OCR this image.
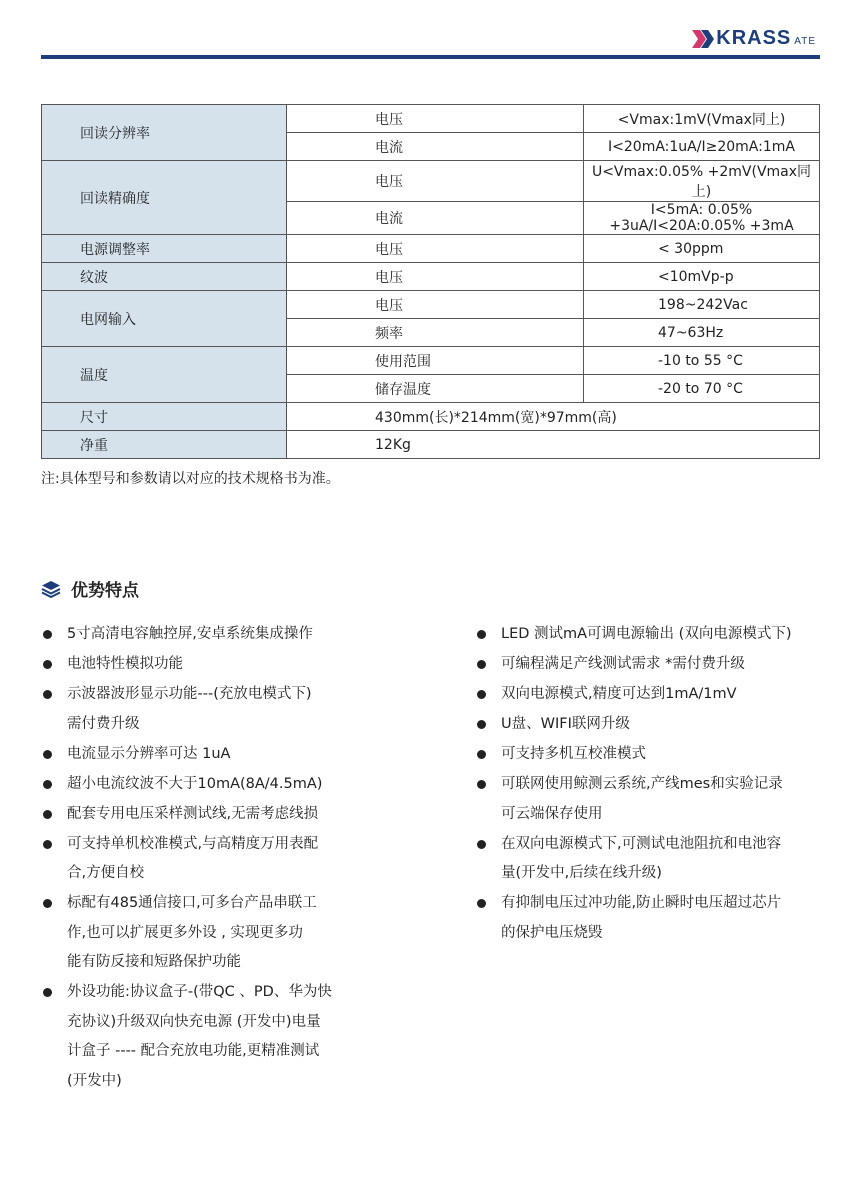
KRASS ATE
回读分辨率	电压	<Vmax:1mV(Vmax同上)
	电流	I<20mA:1uA/I≥20mA:1mA
回读精确度	电压	U<Vmax:0.05% +2mV(Vmax同上)
	电流	I<5mA: 0.05% +3uA/I<20A:0.05% +3mA
电源调整率	电压	< 30ppm
纹波	电压	<10mVp-p
电网输入	电压	198~242Vac
	频率	47~63Hz
温度	使用范围	-10 to 55 °C
	储存温度	-20 to 70 °C
尺寸	430mm(长)*214mm(宽)*97mm(高)	
净重	12Kg	
注:具体型号和参数请以对应的技术规格书为准。
优势特点
5寸高清电容触控屏,安卓系统集成操作
电池特性模拟功能
示波器波形显示功能---(充放电模式下)
需付费升级
电流显示分辨率可达 1uA
超小电流纹波不大于10mA(8A/4.5mA)
配套专用电压采样测试线,无需考虑线损
可支持单机校准模式,与高精度万用表配
合,方便自校
标配有485通信接口,可多台产品串联工
作,也可以扩展更多外设 , 实现更多功
能有防反接和短路保护功能
外设功能:协议盒子-(带QC 、PD、华为快
充协议)升级双向快充电源 (开发中)电量
计盒子 ---- 配合充放电功能,更精准测试
(开发中)
LED 测试mA可调电源输出 (双向电源模式下)
可编程满足产线测试需求 *需付费升级
双向电源模式,精度可达到1mA/1mV
U盘、WIFI联网升级
可支持多机互校准模式
可联网使用鲸测云系统,产线mes和实验记录
可云端保存使用
在双向电源模式下,可测试电池阻抗和电池容
量(开发中,后续在线升级)
有抑制电压过冲功能,防止瞬时电压超过芯片
的保护电压烧毁
